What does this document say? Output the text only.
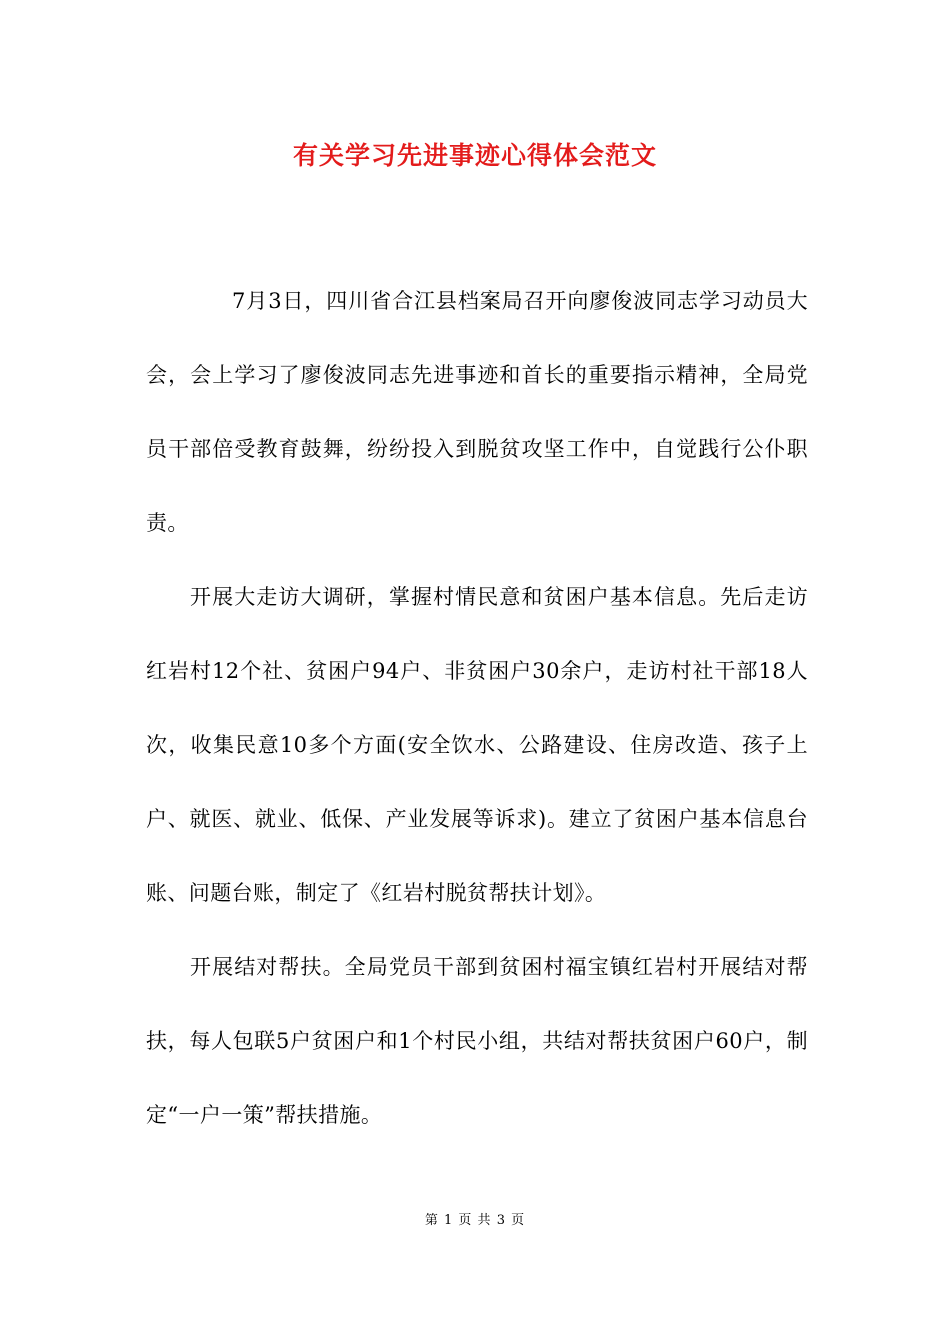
有关学习先进事迹心得体会范文

7月3日，四川省合江县档案局召开向廖俊波同志学习动员大会，会上学习了廖俊波同志先进事迹和首长的重要指示精神，全局党员干部倍受教育鼓舞，纷纷投入到脱贫攻坚工作中，自觉践行公仆职责。

开展大走访大调研，掌握村情民意和贫困户基本信息。先后走访红岩村12个社、贫困户94户、非贫困户30余户，走访村社干部18人次，收集民意10多个方面(安全饮水、公路建设、住房改造、孩子上户、就医、就业、低保、产业发展等诉求)。建立了贫困户基本信息台账、问题台账，制定了《红岩村脱贫帮扶计划》。

开展结对帮扶。全局党员干部到贫困村福宝镇红岩村开展结对帮扶，每人包联5户贫困户和1个村民小组，共结对帮扶贫困户60户，制定“一户一策”帮扶措施。

第 1 页 共 3 页
